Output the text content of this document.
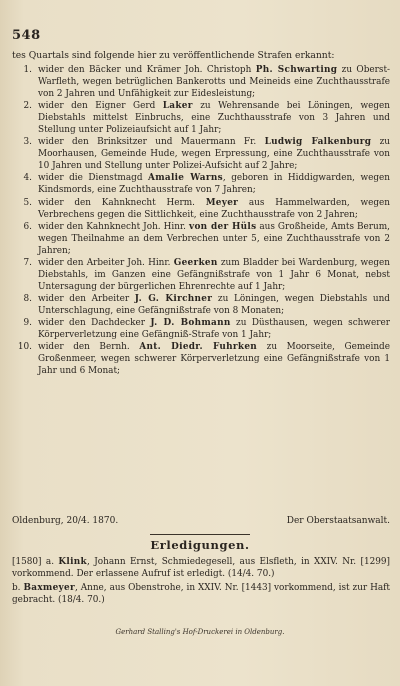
548
tes Quartals sind folgende hier zu veröffentlichende Strafen erkannt:
1. wider den Bäcker und Krämer Joh. Christoph Ph. Schwarting zu Oberst-Warfleth, wegen betrüglichen Bankerotts und Meineids eine Zuchthausstrafe von 2 Jahren und Unfähigkeit zur Eidesleistung;
2. wider den Eigner Gerd Laker zu Wehrensande bei Löningen, wegen Diebstahls mittelst Einbruchs, eine Zuchthausstrafe von 3 Jahren und Stellung unter Polizeiaufsicht auf 1 Jahr;
3. wider den Brinksitzer und Mauermann Fr. Ludwig Falkenburg zu Moorhausen, Gemeinde Hude, wegen Erpressung, eine Zuchthausstrafe von 10 Jahren und Stellung unter Polizei-Aufsicht auf 2 Jahre;
4. wider die Dienstmagd Amalie Warns, geboren in Hiddigwarden, wegen Kindsmords, eine Zuchthausstrafe von 7 Jahren;
5. wider den Kahnknecht Herm. Meyer aus Hammelwarden, wegen Verbrechens gegen die Sittlichkeit, eine Zuchthausstrafe von 2 Jahren;
6. wider den Kahnknecht Joh. Hinr. von der Hüls aus Großheide, Amts Berum, wegen Theilnahme an dem Verbrechen unter 5, eine Zuchthausstrafe von 2 Jahren;
7. wider den Arbeiter Joh. Hinr. Geerken zum Bladder bei Wardenburg, wegen Diebstahls, im Ganzen eine Gefängnißstrafe von 1 Jahr 6 Monat, nebst Untersagung der bürgerlichen Ehrenrechte auf 1 Jahr;
8. wider den Arbeiter J. G. Kirchner zu Löningen, wegen Diebstahls und Unterschlagung, eine Gefängnißstrafe von 8 Monaten;
9. wider den Dachdecker J. D. Bohmann zu Düsthausen, wegen schwerer Körperverletzung eine Gefängniß-Strafe von 1 Jahr;
10. wider den Bernh. Ant. Diedr. Fuhrken zu Moorseite, Gemeinde Großenmeer, wegen schwerer Körperverletzung eine Gefängnißstrafe von 1 Jahr und 6 Monat;
Oldenburg, 20/4. 1870.	Der Oberstaatsanwalt.
Erledigungen.
[1580] a. Klink, Johann Ernst, Schmiedegesell, aus Elsfleth, in XXIV. Nr. [1299] vorkommend. Der erlassene Aufruf ist erledigt. (14/4. 70.)
b. Baxmeyer, Anne, aus Obenstrohe, in XXIV. Nr. [1443] vorkommend, ist zur Haft gebracht. (18/4. 70.)
Gerhard Stalling's Hof-Druckerei in Oldenburg.
